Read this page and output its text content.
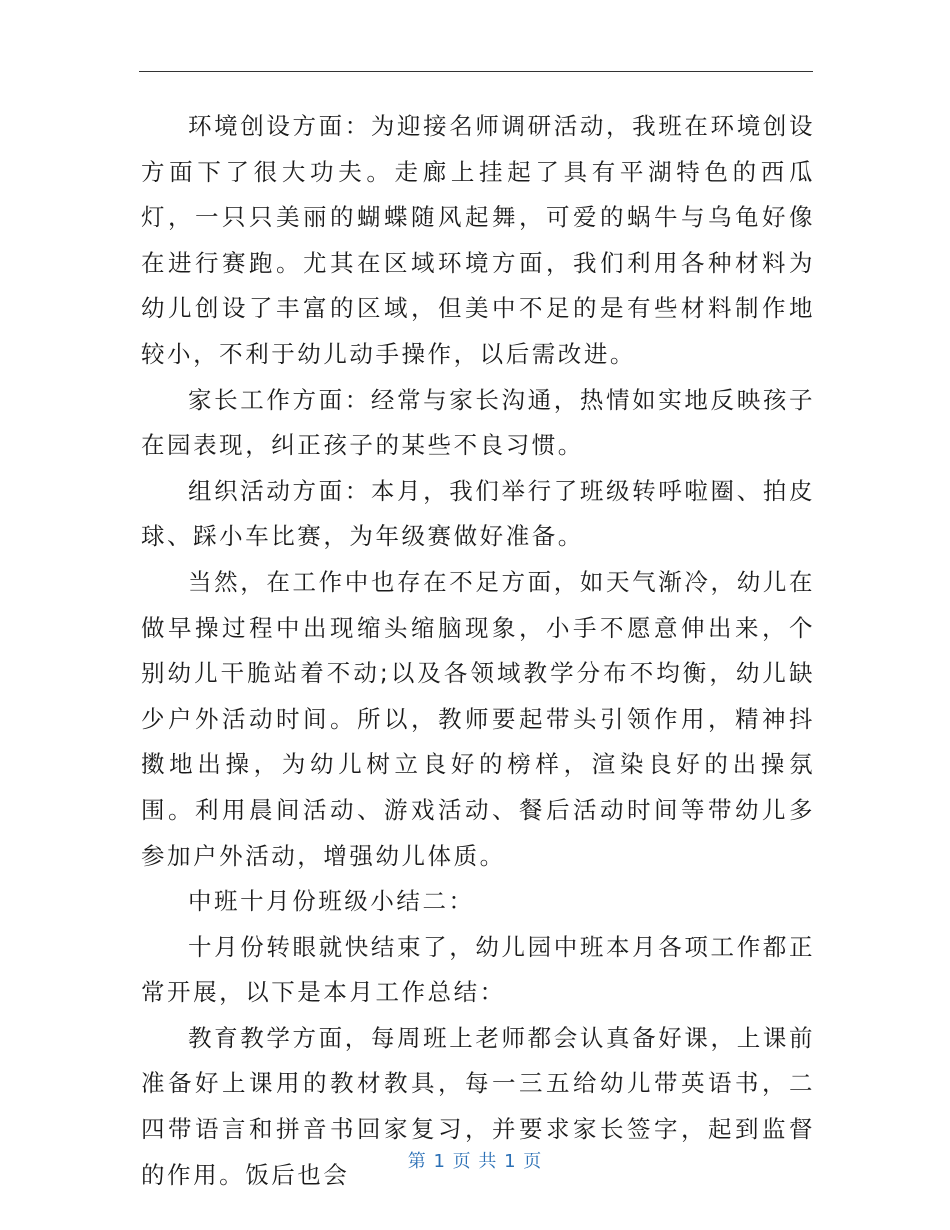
环境创设方面：为迎接名师调研活动，我班在环境创设方面下了很大功夫。走廊上挂起了具有平湖特色的西瓜灯，一只只美丽的蝴蝶随风起舞，可爱的蜗牛与乌龟好像在进行赛跑。尤其在区域环境方面，我们利用各种材料为幼儿创设了丰富的区域，但美中不足的是有些材料制作地较小，不利于幼儿动手操作，以后需改进。

家长工作方面：经常与家长沟通，热情如实地反映孩子在园表现，纠正孩子的某些不良习惯。

组织活动方面：本月，我们举行了班级转呼啦圈、拍皮球、踩小车比赛，为年级赛做好准备。

当然，在工作中也存在不足方面，如天气渐冷，幼儿在做早操过程中出现缩头缩脑现象，小手不愿意伸出来，个别幼儿干脆站着不动;以及各领域教学分布不均衡，幼儿缺少户外活动时间。所以，教师要起带头引领作用，精神抖擞地出操，为幼儿树立良好的榜样，渲染良好的出操氛围。利用晨间活动、游戏活动、餐后活动时间等带幼儿多参加户外活动，增强幼儿体质。

中班十月份班级小结二：

十月份转眼就快结束了，幼儿园中班本月各项工作都正常开展，以下是本月工作总结：

教育教学方面，每周班上老师都会认真备好课，上课前准备好上课用的教材教具，每一三五给幼儿带英语书，二四带语言和拼音书回家复习，并要求家长签字，起到监督的作用。饭后也会	第 1 页 共 1 页
